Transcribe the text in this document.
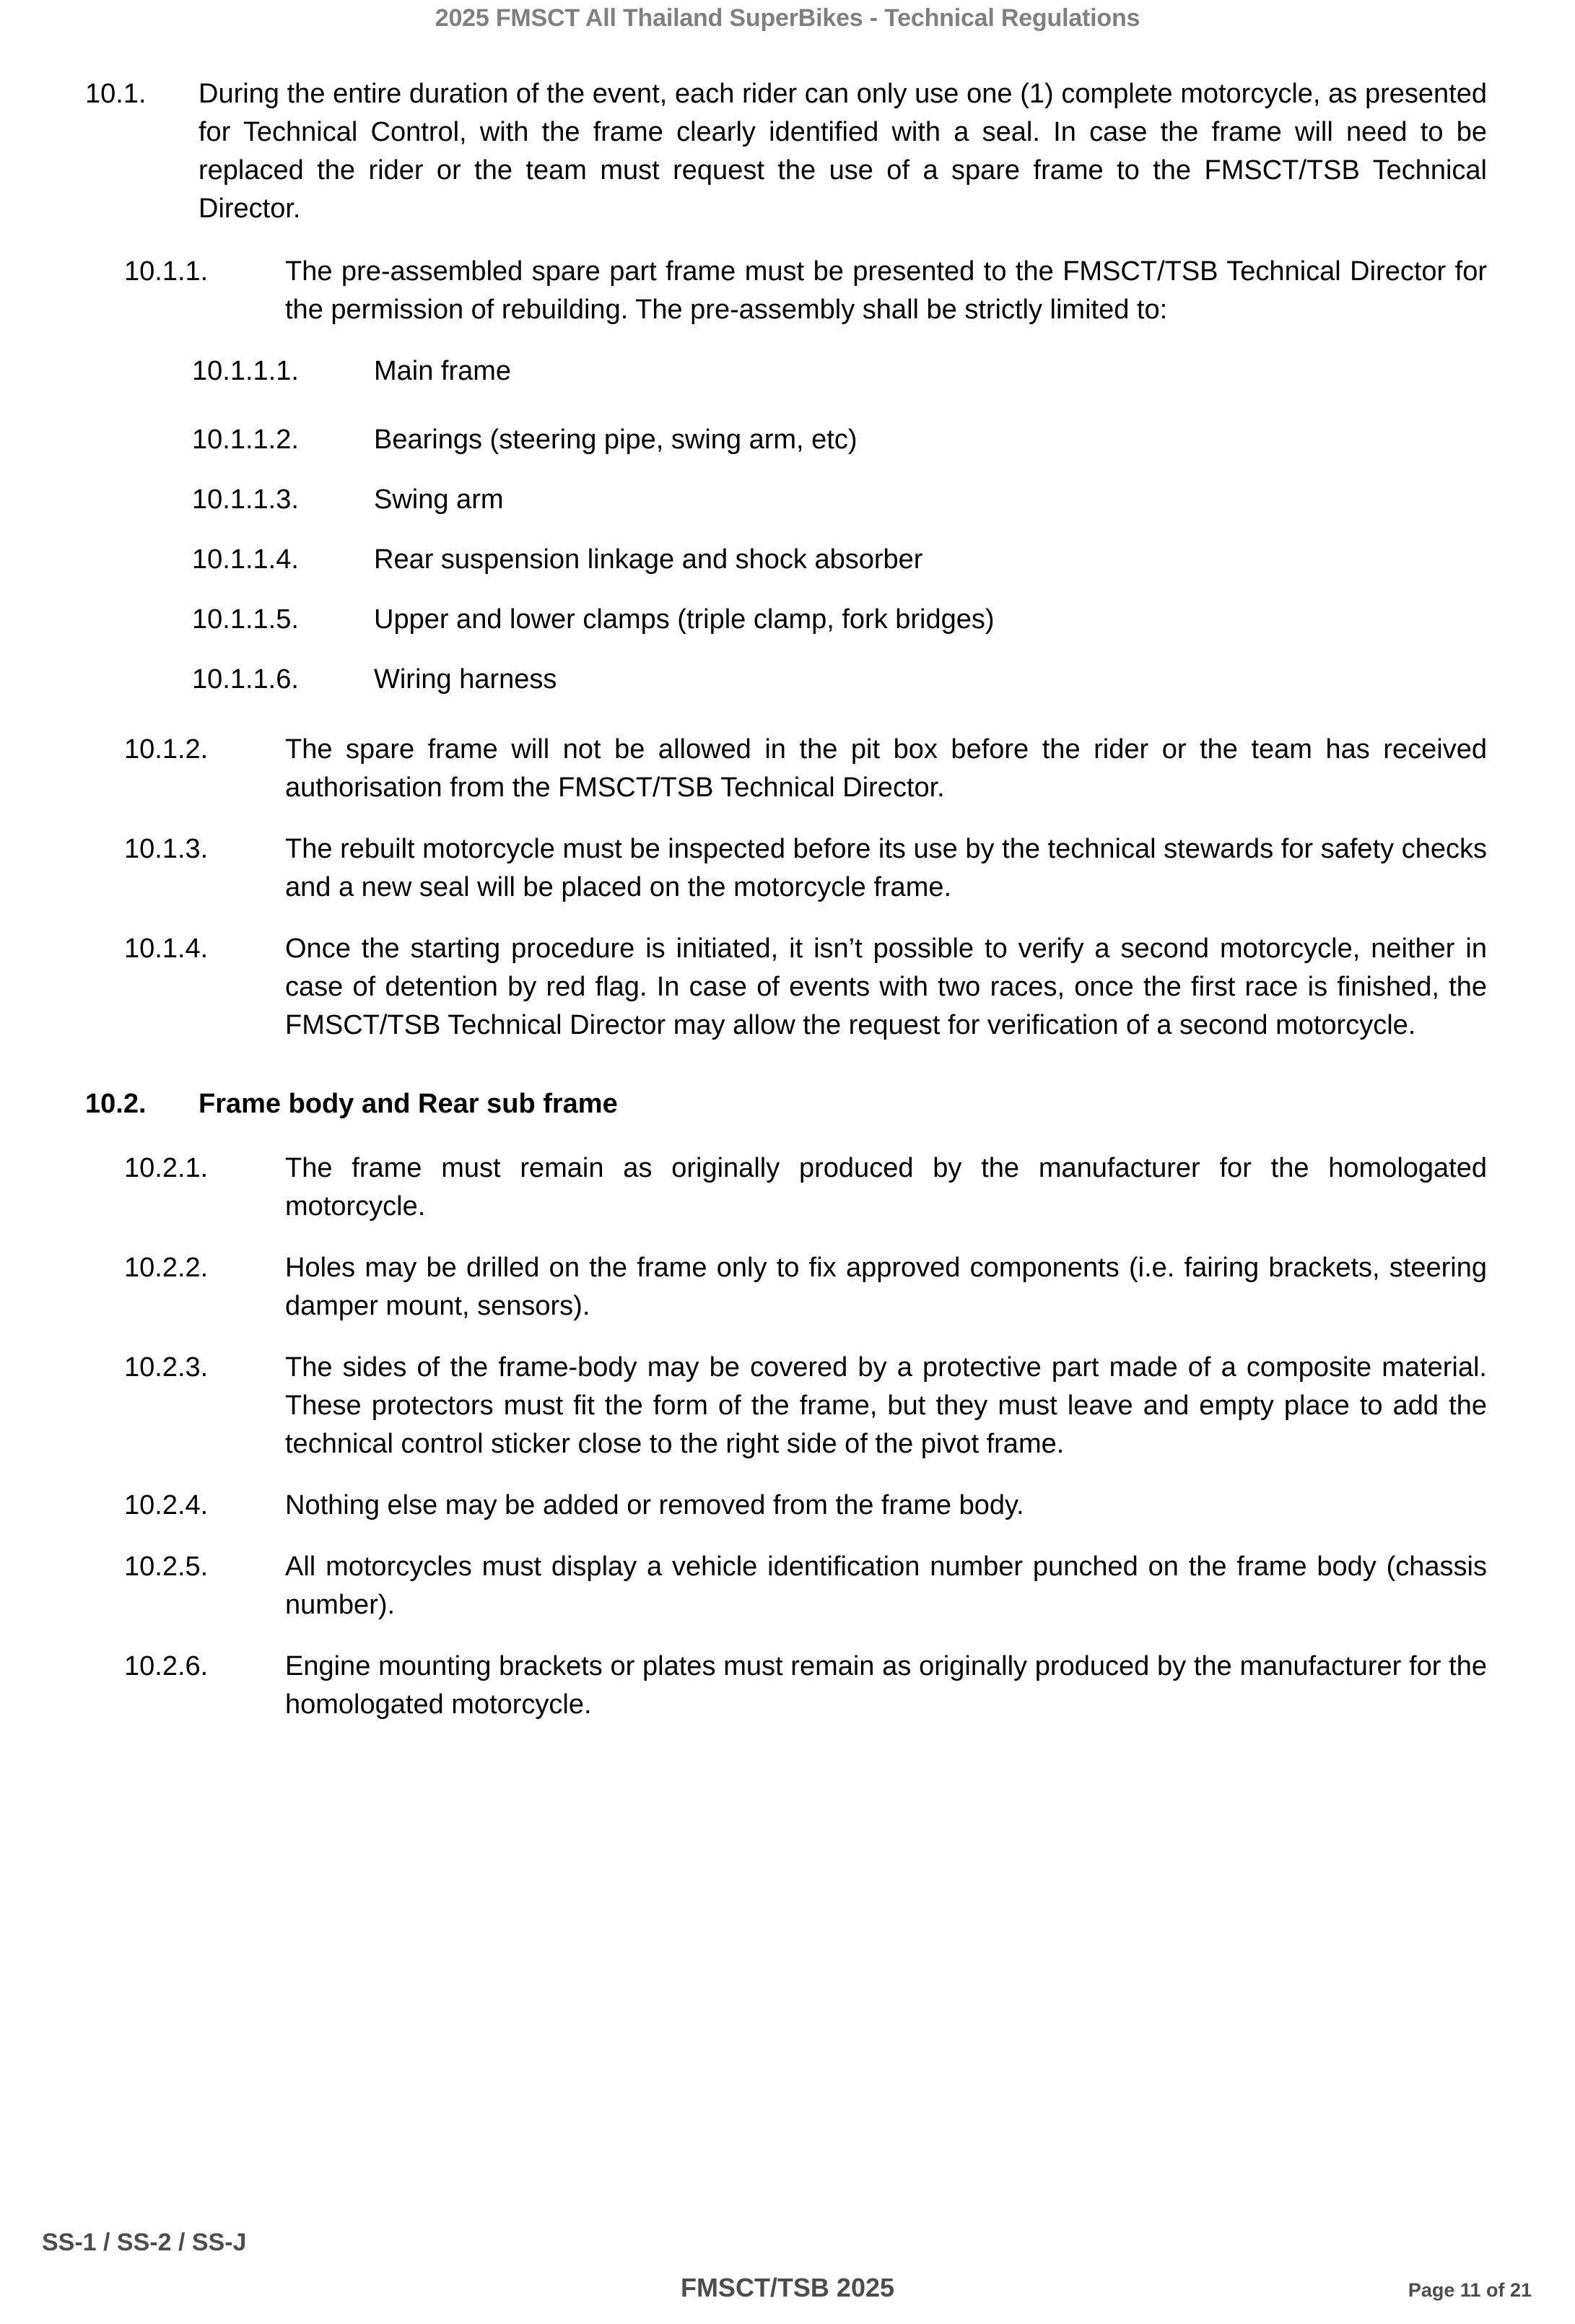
2025 FMSCT All Thailand SuperBikes - Technical Regulations
10.1.	During the entire duration of the event, each rider can only use one (1) complete motorcycle, as presented for Technical Control, with the frame clearly identified with a seal. In case the frame will need to be replaced the rider or the team must request the use of a spare frame to the FMSCT/TSB Technical Director.
10.1.1.	The pre-assembled spare part frame must be presented to the FMSCT/TSB Technical Director for the permission of rebuilding. The pre-assembly shall be strictly limited to:
10.1.1.1.	Main frame
10.1.1.2.	Bearings (steering pipe, swing arm, etc)
10.1.1.3.	Swing arm
10.1.1.4.	Rear suspension linkage and shock absorber
10.1.1.5.	Upper and lower clamps (triple clamp, fork bridges)
10.1.1.6.	Wiring harness
10.1.2.	The spare frame will not be allowed in the pit box before the rider or the team has received authorisation from the FMSCT/TSB Technical Director.
10.1.3.	The rebuilt motorcycle must be inspected before its use by the technical stewards for safety checks and a new seal will be placed on the motorcycle frame.
10.1.4.	Once the starting procedure is initiated, it isn’t possible to verify a second motorcycle, neither in case of detention by red flag. In case of events with two races, once the first race is finished, the FMSCT/TSB Technical Director may allow the request for verification of a second motorcycle.
10.2.	Frame body and Rear sub frame
10.2.1.	The frame must remain as originally produced by the manufacturer for the homologated motorcycle.
10.2.2.	Holes may be drilled on the frame only to fix approved components (i.e. fairing brackets, steering damper mount, sensors).
10.2.3.	The sides of the frame-body may be covered by a protective part made of a composite material. These protectors must fit the form of the frame, but they must leave and empty place to add the technical control sticker close to the right side of the pivot frame.
10.2.4.	Nothing else may be added or removed from the frame body.
10.2.5.	All motorcycles must display a vehicle identification number punched on the frame body (chassis number).
10.2.6.	Engine mounting brackets or plates must remain as originally produced by the manufacturer for the homologated motorcycle.
SS-1 / SS-2 / SS-J
FMSCT/TSB 2025	Page 11 of 21
